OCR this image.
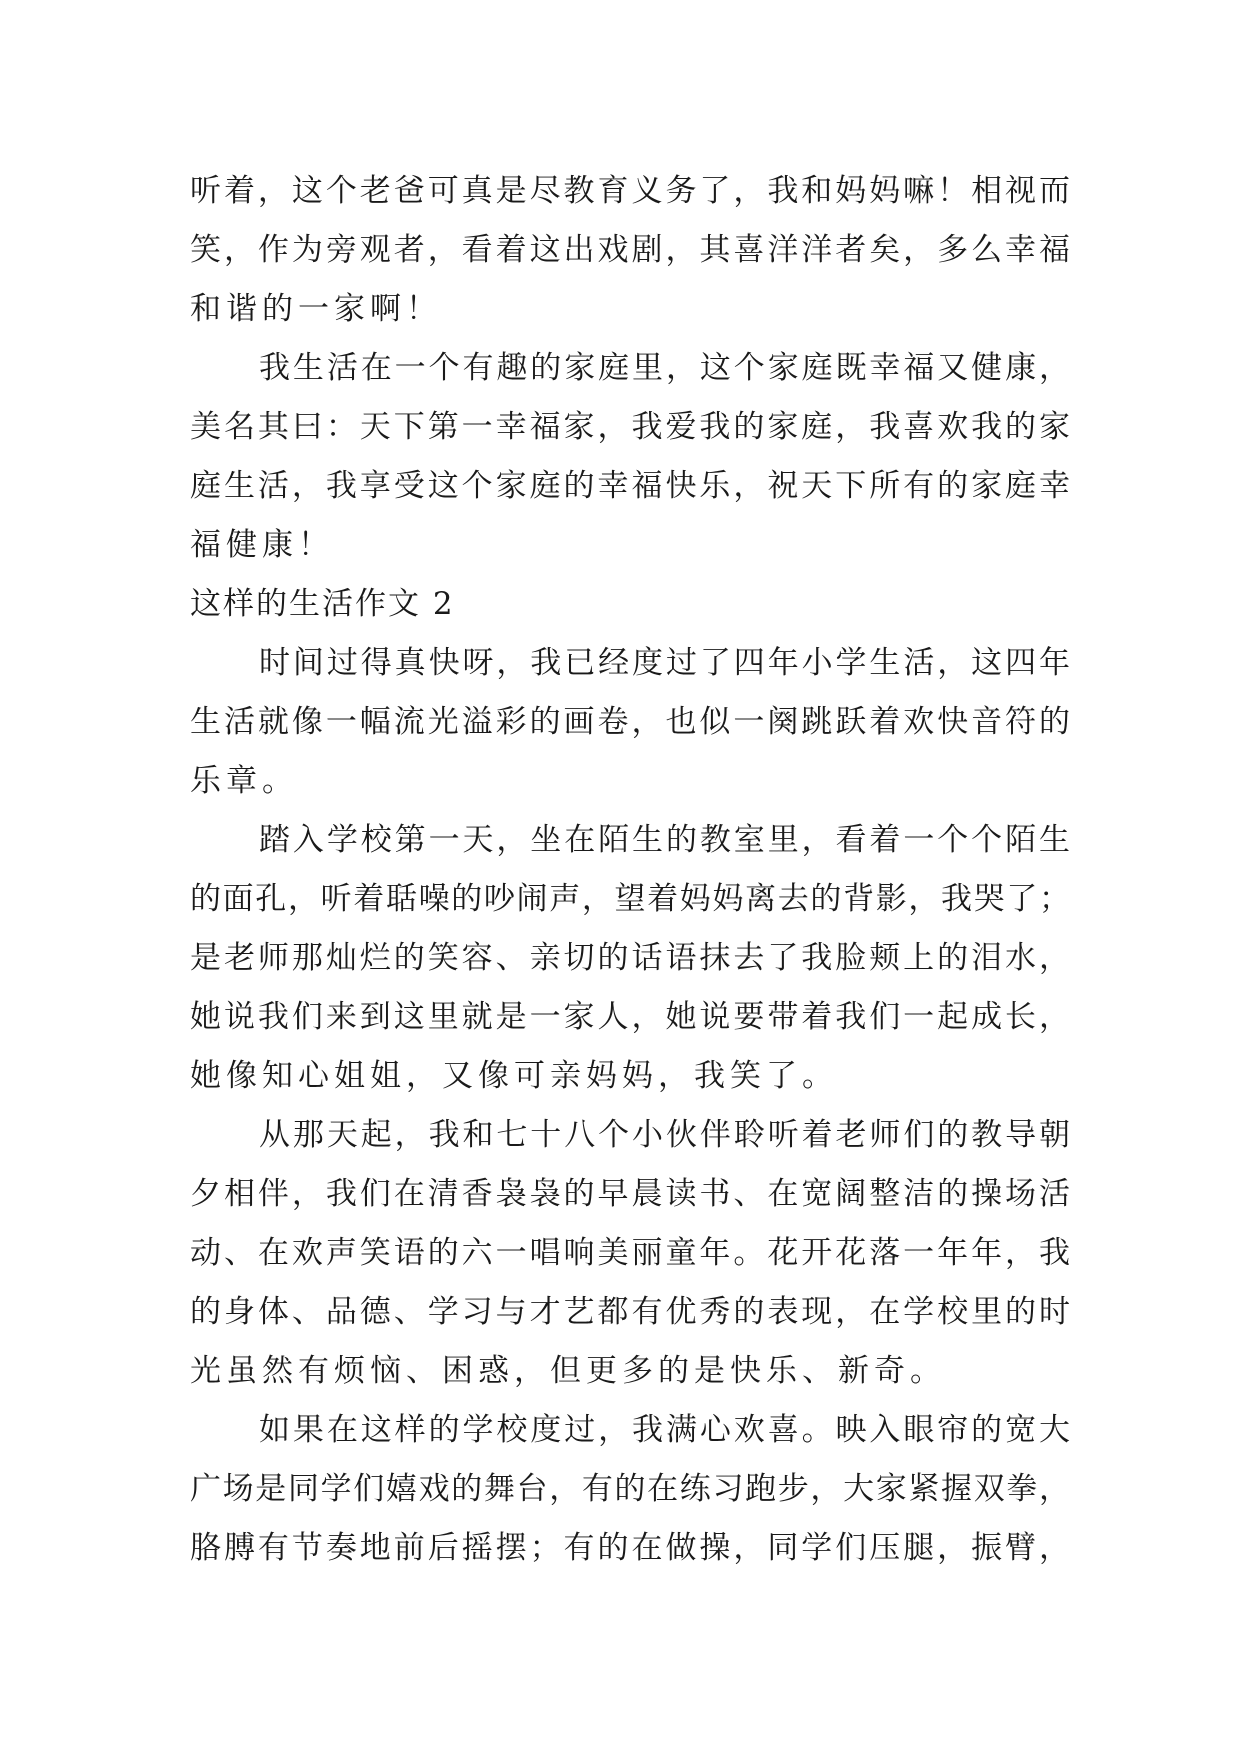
听着，这个老爸可真是尽教育义务了，我和妈妈嘛！相视而
笑，作为旁观者，看着这出戏剧，其喜洋洋者矣，多么幸福
和谐的一家啊！
我生活在一个有趣的家庭里，这个家庭既幸福又健康，
美名其曰：天下第一幸福家，我爱我的家庭，我喜欢我的家
庭生活，我享受这个家庭的幸福快乐，祝天下所有的家庭幸
福健康！
这样的生活作文 2
时间过得真快呀，我已经度过了四年小学生活，这四年
生活就像一幅流光溢彩的画卷，也似一阕跳跃着欢快音符的
乐章。
踏入学校第一天，坐在陌生的教室里，看着一个个陌生
的面孔，听着聒噪的吵闹声，望着妈妈离去的背影，我哭了；
是老师那灿烂的笑容、亲切的话语抹去了我脸颊上的泪水，
她说我们来到这里就是一家人，她说要带着我们一起成长，
她像知心姐姐，又像可亲妈妈，我笑了。
从那天起，我和七十八个小伙伴聆听着老师们的教导朝
夕相伴，我们在清香袅袅的早晨读书、在宽阔整洁的操场活
动、在欢声笑语的六一唱响美丽童年。花开花落一年年，我
的身体、品德、学习与才艺都有优秀的表现，在学校里的时
光虽然有烦恼、困惑，但更多的是快乐、新奇。
如果在这样的学校度过，我满心欢喜。映入眼帘的宽大
广场是同学们嬉戏的舞台，有的在练习跑步，大家紧握双拳，
胳膊有节奏地前后摇摆；有的在做操，同学们压腿，振臂，
